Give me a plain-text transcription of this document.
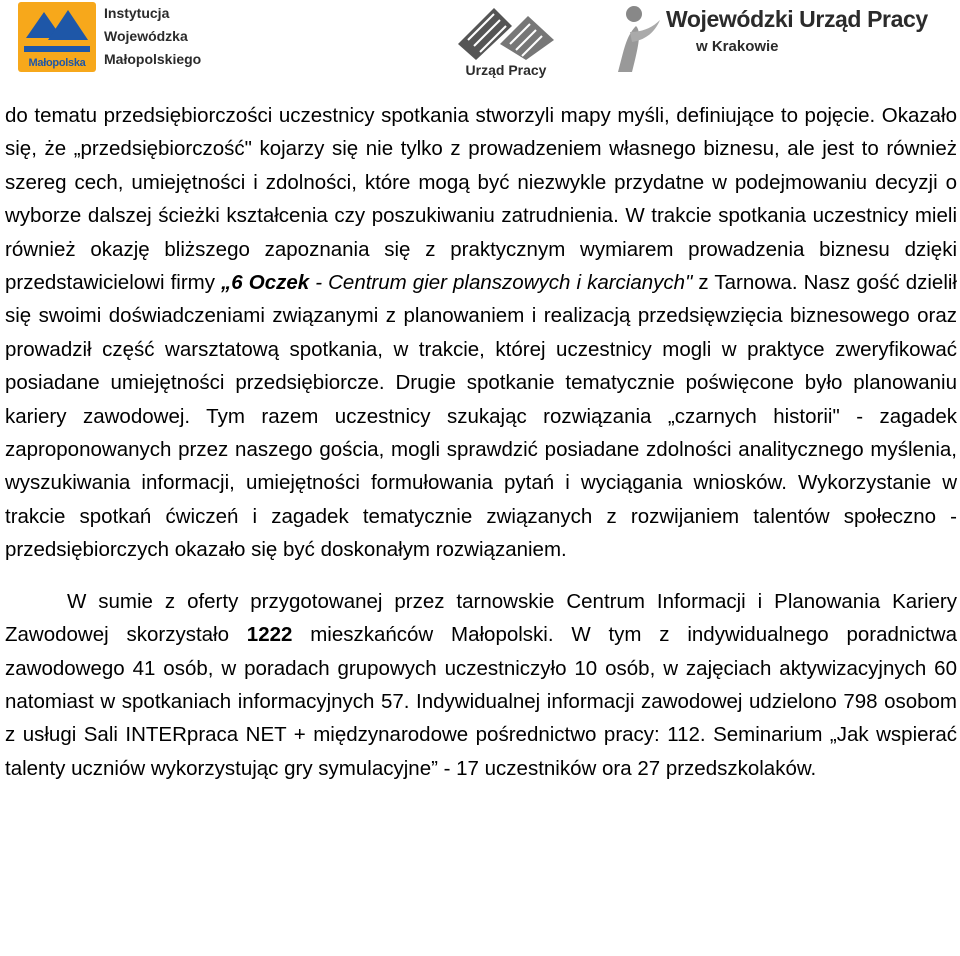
Małopolska
Instytucja
Wojewódzka
Małopolskiego
Urząd Pracy
Wojewódzki Urząd Pracy
w Krakowie

do tematu przedsiębiorczości uczestnicy spotkania stworzyli mapy myśli, definiujące to pojęcie. Okazało się, że „przedsiębiorczość" kojarzy się nie tylko z prowadzeniem własnego biznesu, ale jest to również szereg cech, umiejętności i zdolności, które mogą być niezwykle przydatne w podejmowaniu decyzji o wyborze dalszej ścieżki kształcenia czy poszukiwaniu zatrudnienia. W trakcie spotkania uczestnicy mieli również okazję bliższego zapoznania się z praktycznym wymiarem prowadzenia biznesu dzięki przedstawicielowi firmy „6 Oczek - Centrum gier planszowych i karcianych" z Tarnowa. Nasz gość dzielił się swoimi doświadczeniami związanymi z planowaniem i realizacją przedsięwzięcia biznesowego oraz prowadził część warsztatową spotkania, w trakcie, której uczestnicy mogli w praktyce zweryfikować posiadane umiejętności przedsiębiorcze. Drugie spotkanie tematycznie poświęcone było planowaniu kariery zawodowej. Tym razem uczestnicy szukając rozwiązania „czarnych historii" - zagadek zaproponowanych przez naszego gościa, mogli sprawdzić posiadane zdolności analitycznego myślenia, wyszukiwania informacji, umiejętności formułowania pytań i wyciągania wniosków. Wykorzystanie w trakcie spotkań ćwiczeń i zagadek tematycznie związanych z rozwijaniem talentów społeczno - przedsiębiorczych okazało się być doskonałym rozwiązaniem.

W sumie z oferty przygotowanej przez tarnowskie Centrum Informacji i Planowania Kariery Zawodowej skorzystało 1222 mieszkańców Małopolski. W tym z indywidualnego poradnictwa zawodowego 41 osób, w poradach grupowych uczestniczyło 10 osób, w zajęciach aktywizacyjnych 60 natomiast w spotkaniach informacyjnych 57. Indywidualnej informacji zawodowej udzielono 798 osobom z usługi Sali INTERpraca NET + międzynarodowe pośrednictwo pracy: 112. Seminarium „Jak wspierać talenty uczniów wykorzystując gry symulacyjne” - 17 uczestników ora 27 przedszkolaków.
